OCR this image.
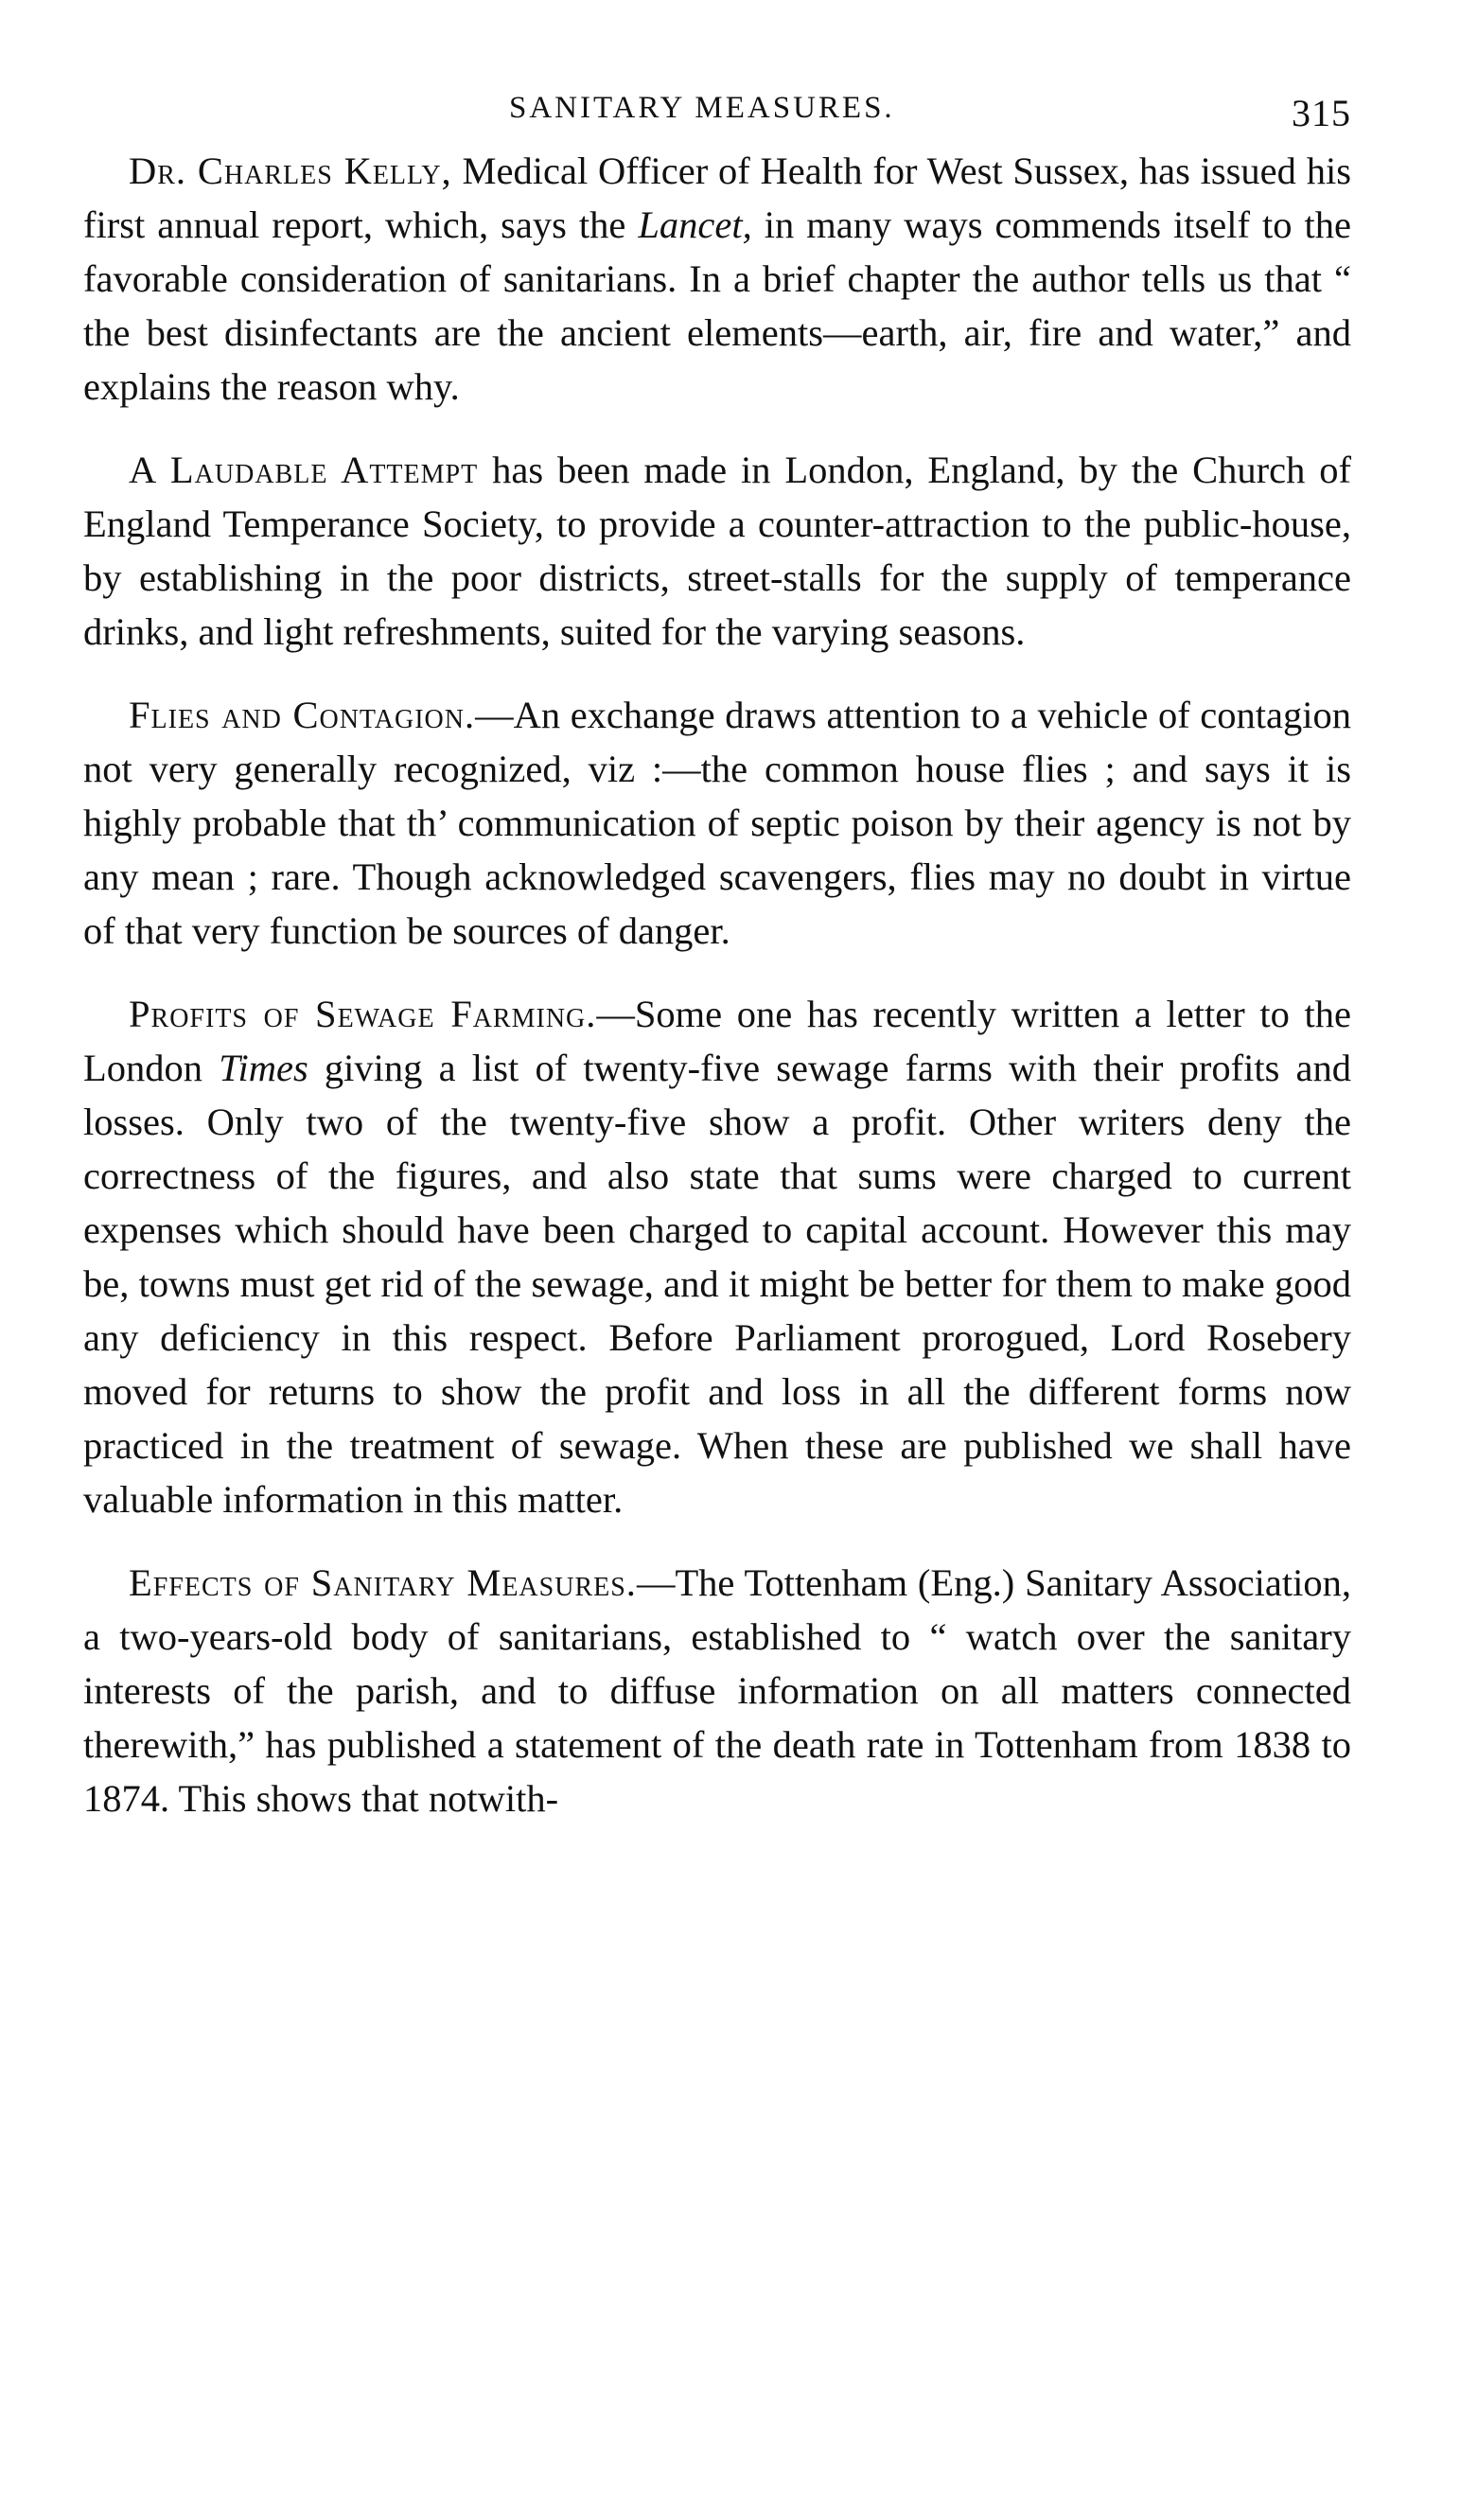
SANITARY MEASURES.	315

Dr. Charles Kelly, Medical Officer of Health for West Sussex, has issued his first annual report, which, says the Lancet, in many ways commends itself to the favorable consideration of sanitarians. In a brief chapter the author tells us that “ the best disinfectants are the ancient elements—earth, air, fire and water,” and explains the reason why.

A Laudable Attempt has been made in London, England, by the Church of England Temperance Society, to provide a counter-attraction to the public-house, by establishing in the poor districts, street-stalls for the supply of temperance drinks, and light refreshments, suited for the varying seasons.

Flies and Contagion.—An exchange draws attention to a vehicle of contagion not very generally recognized, viz :—the common house flies ; and says it is highly probable that th’ communication of septic poison by their agency is not by any mean ; rare. Though acknowledged scavengers, flies may no doubt in virtue of that very function be sources of danger.

Profits of Sewage Farming.—Some one has recently written a letter to the London Times giving a list of twenty-five sewage farms with their profits and losses. Only two of the twenty-five show a profit. Other writers deny the correctness of the figures, and also state that sums were charged to current expenses which should have been charged to capital account. However this may be, towns must get rid of the sewage, and it might be better for them to make good any deficiency in this respect. Before Parliament prorogued, Lord Rosebery moved for returns to show the profit and loss in all the different forms now practiced in the treatment of sewage. When these are published we shall have valuable information in this matter.

Effects of Sanitary Measures.—The Tottenham (Eng.) Sanitary Association, a two-years-old body of sanitarians, established to “ watch over the sanitary interests of the parish, and to diffuse information on all matters connected therewith,” has published a statement of the death rate in Tottenham from 1838 to 1874. This shows that notwith-
